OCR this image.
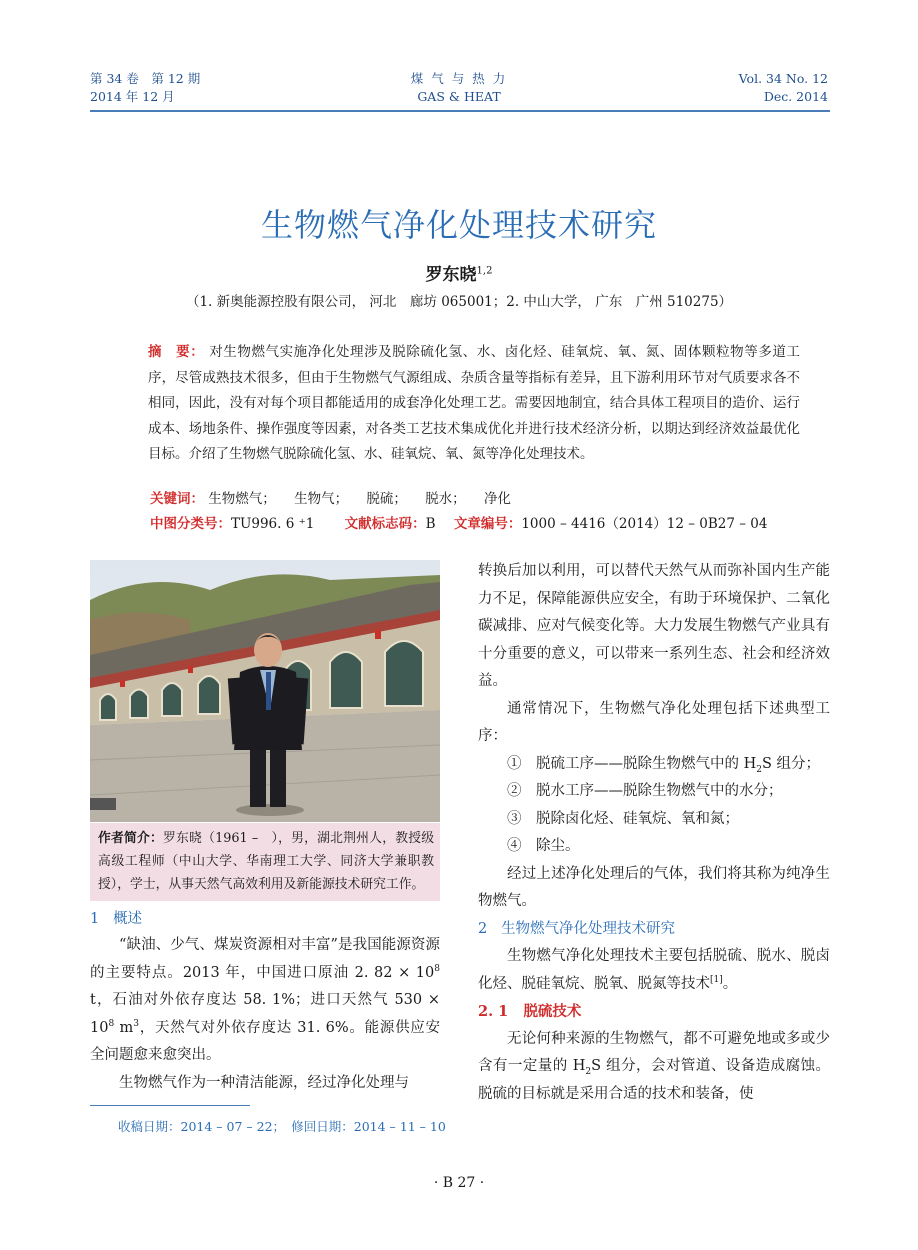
第 34 卷　第 12 期
2014 年 12 月
煤 气 与 热 力
GAS & HEAT
Vol. 34 No. 12
Dec. 2014
生物燃气净化处理技术研究
罗东晓$^{1,2}$
（1. 新奥能源控股有限公司， 河北　廊坊 065001；2. 中山大学， 广东　广州 510275）
摘　要： 对生物燃气实施净化处理涉及脱除硫化氢、水、卤化烃、硅氧烷、氧、氮、固体颗粒物等多道工序，尽管成熟技术很多，但由于生物燃气气源组成、杂质含量等指标有差异，且下游利用环节对气质要求各不相同，因此，没有对每个项目都能适用的成套净化处理工艺。需要因地制宜，结合具体工程项目的造价、运行成本、场地条件、操作强度等因素，对各类工艺技术集成优化并进行技术经济分析，以期达到经济效益最优化目标。介绍了生物燃气脱除硫化氢、水、硅氧烷、氧、氮等净化处理技术。
关键词： 生物燃气； 生物气； 脱硫； 脱水； 净化
中图分类号：TU996. 6 ⁺1 文献标志码：B 文章编号：1000 – 4416（2014）12 – 0B27 – 04
作者简介：罗东晓（1961 –　），男，湖北荆州人，教授级高级工程师（中山大学、华南理工大学、同济大学兼职教授），学士，从事天然气高效利用及新能源技术研究工作。

1 概述

“缺油、少气、煤炭资源相对丰富”是我国能源资源的主要特点。2013 年，中国进口原油 2. $82 \times 10^8$ t，石油对外依存度达 58. 1%；进口天然气 $530 \times 10^8$ $m^3$，天然气对外依存度达 31. 6%。能源供应安全问题愈来愈突出。

生物燃气作为一种清洁能源，经过净化处理与

转换后加以利用，可以替代天然气从而弥补国内生产能力不足，保障能源供应安全，有助于环境保护、二氧化碳减排、应对气候变化等。大力发展生物燃气产业具有十分重要的意义，可以带来一系列生态、社会和经济效益。

通常情况下，生物燃气净化处理包括下述典型工序：

①　脱硫工序——脱除生物燃气中的 $H_2S$ 组分；

②　脱水工序——脱除生物燃气中的水分；

③　脱除卤化烃、硅氧烷、氧和氮；

④　除尘。

经过上述净化处理后的气体，我们将其称为纯净生物燃气。

2 生物燃气净化处理技术研究

生物燃气净化处理技术主要包括脱硫、脱水、脱卤化烃、脱硅氧烷、脱氧、脱氮等技术[1]。

2. 1 脱硫技术

无论何种来源的生物燃气，都不可避免地或多或少含有一定量的 $H_2S$ 组分，会对管道、设备造成腐蚀。脱硫的目标就是采用合适的技术和装备，使

收稿日期：2014 – 07 – 22；　修回日期：2014 – 11 – 10
· B 27 ·
